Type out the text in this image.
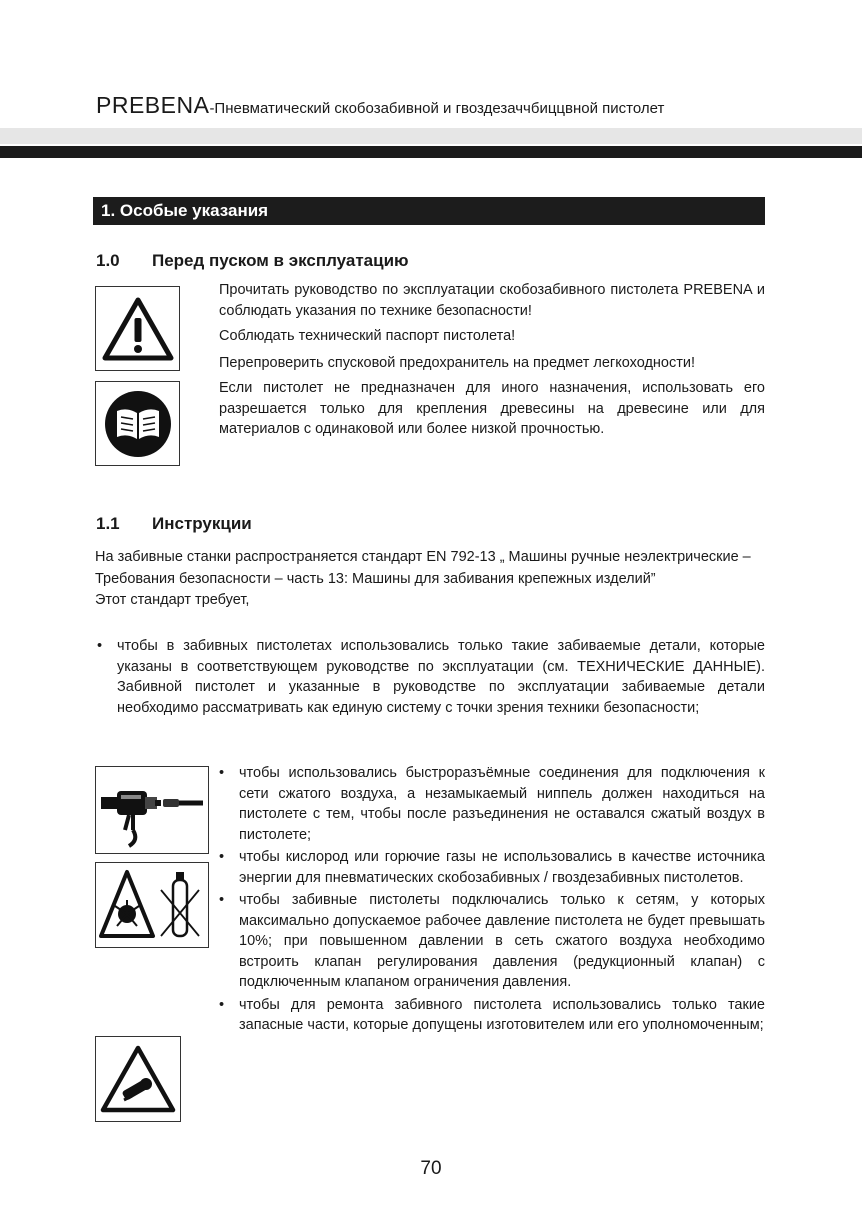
PREBENA-Пневматический скобозабивной и гвоздезаччбиццвной пистолет
1. Особые указания
1.0 Перед пуском в эксплуатацию

Прочитать руководство по эксплуатации скобозабивного пистолета PREBENA и соблюдать указания по технике безопасности!

Соблюдать технический паспорт пистолета!

Перепроверить спусковой предохранитель на предмет легкоходности!

Если пистолет не предназначен для иного назначения, использовать его разрешается только для крепления древесины на древесине или для материалов с одинаковой или более низкой прочностью.

1.1 Инструкции

На забивные станки распространяется стандарт EN 792-13 „ Машины ручные неэлектрические – Требования безопасности – часть 13: Машины для забивания крепежных изделий”

Этот стандарт требует,

• чтобы в забивных пистолетах использовались только такие забиваемые детали, которые указаны в соответствующем руководстве по эксплуатации (см. ТЕХНИЧЕСКИЕ ДАННЫЕ). Забивной пистолет и указанные в руководстве по эксплуатации забиваемые детали необходимо рассматривать как единую систему с точки зрения техники безопасности;
• чтобы использовались быстроразъёмные соединения для подключения к сети сжатого воздуха, а незамыкаемый ниппель должен находиться на пистолете с тем, чтобы после разъединения не оставался сжатый воздух в пистолете;
• чтобы кислород или горючие газы не использовались в качестве источника энергии для пневматических скобозабивных / гвоздезабивных пистолетов.
• чтобы забивные пистолеты подключались только к сетям, у которых максимально допускаемое рабочее давление пистолета не будет превышать 10%; при повышенном давлении в сеть сжатого воздуха необходимо встроить клапан регулирования давления (редукционный клапан) с подключенным клапаном ограничения давления.
• чтобы для ремонта забивного пистолета использовались только такие запасные части, которые допущены изготовителем или его уполномоченным;
70
